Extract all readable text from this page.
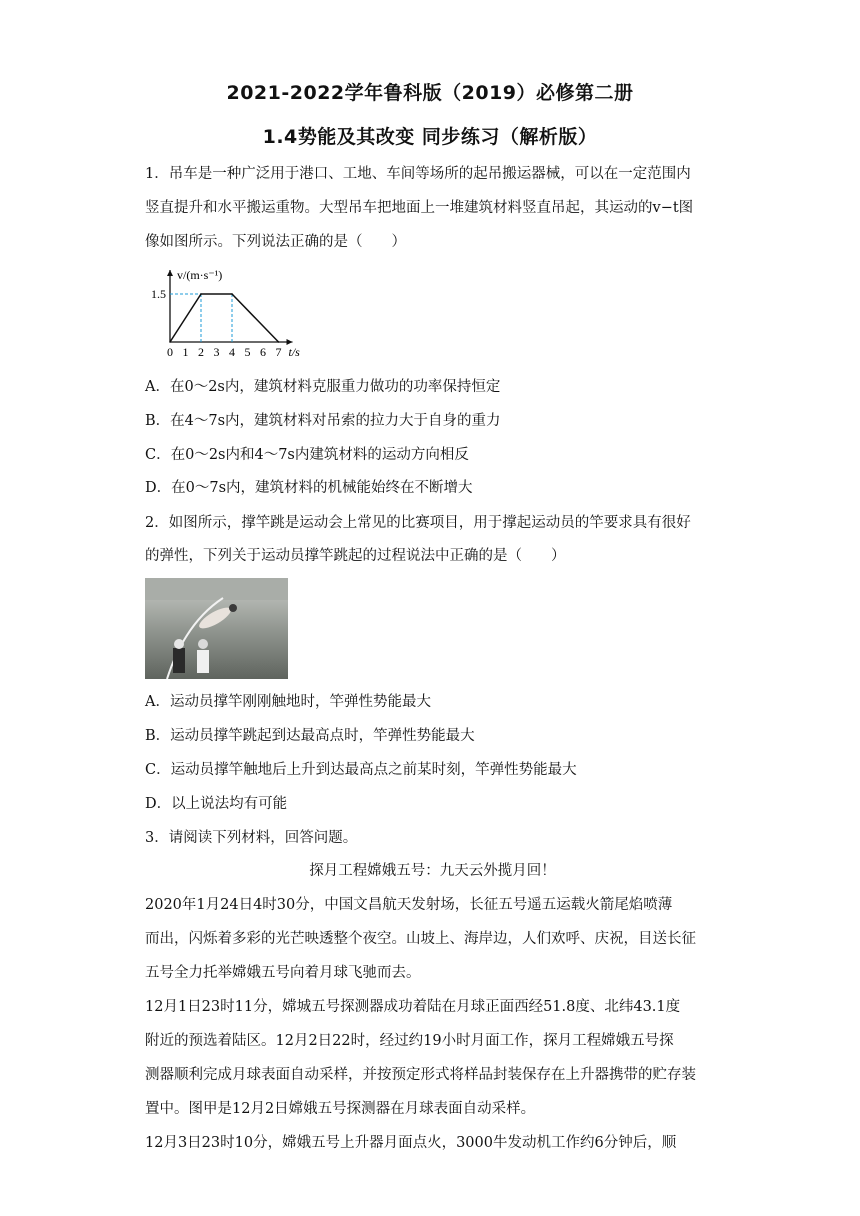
2021-2022学年鲁科版（2019）必修第二册
1.4势能及其改变 同步练习（解析版）
1．吊车是一种广泛用于港口、工地、车间等场所的起吊搬运器械，可以在一定范围内
竖直提升和水平搬运重物。大型吊车把地面上一堆建筑材料竖直吊起，其运动的v−t图
像如图所示。下列说法正确的是（　　）
0 1 2 3 4 5 6 7
1.5
v/(m·s⁻¹)
t/s
A．在0～2s内，建筑材料克服重力做功的功率保持恒定
B．在4～7s内，建筑材料对吊索的拉力大于自身的重力
C．在0～2s内和4～7s内建筑材料的运动方向相反
D．在0～7s内，建筑材料的机械能始终在不断增大
2．如图所示，撑竿跳是运动会上常见的比赛项目，用于撑起运动员的竿要求具有很好
的弹性，下列关于运动员撑竿跳起的过程说法中正确的是（　　）
A．运动员撑竿刚刚触地时，竿弹性势能最大
B．运动员撑竿跳起到达最高点时，竿弹性势能最大
C．运动员撑竿触地后上升到达最高点之前某时刻，竿弹性势能最大
D．以上说法均有可能
3．请阅读下列材料，回答问题。
探月工程嫦娥五号：九天云外揽月回！
2020年1月24日4时30分，中国文昌航天发射场，长征五号遥五运载火箭尾焰喷薄
而出，闪烁着多彩的光芒映透整个夜空。山坡上、海岸边，人们欢呼、庆祝，目送长征
五号全力托举嫦娥五号向着月球飞驰而去。
12月1日23时11分，嫦城五号探测器成功着陆在月球正面西经51.8度、北纬43.1度
附近的预选着陆区。12月2日22时，经过约19小时月面工作，探月工程嫦娥五号探
测器顺利完成月球表面自动采样，并按预定形式将样品封装保存在上升器携带的贮存装
置中。图甲是12月2日嫦娥五号探测器在月球表面自动采样。
12月3日23时10分，嫦娥五号上升器月面点火，3000牛发动机工作约6分钟后，顺
